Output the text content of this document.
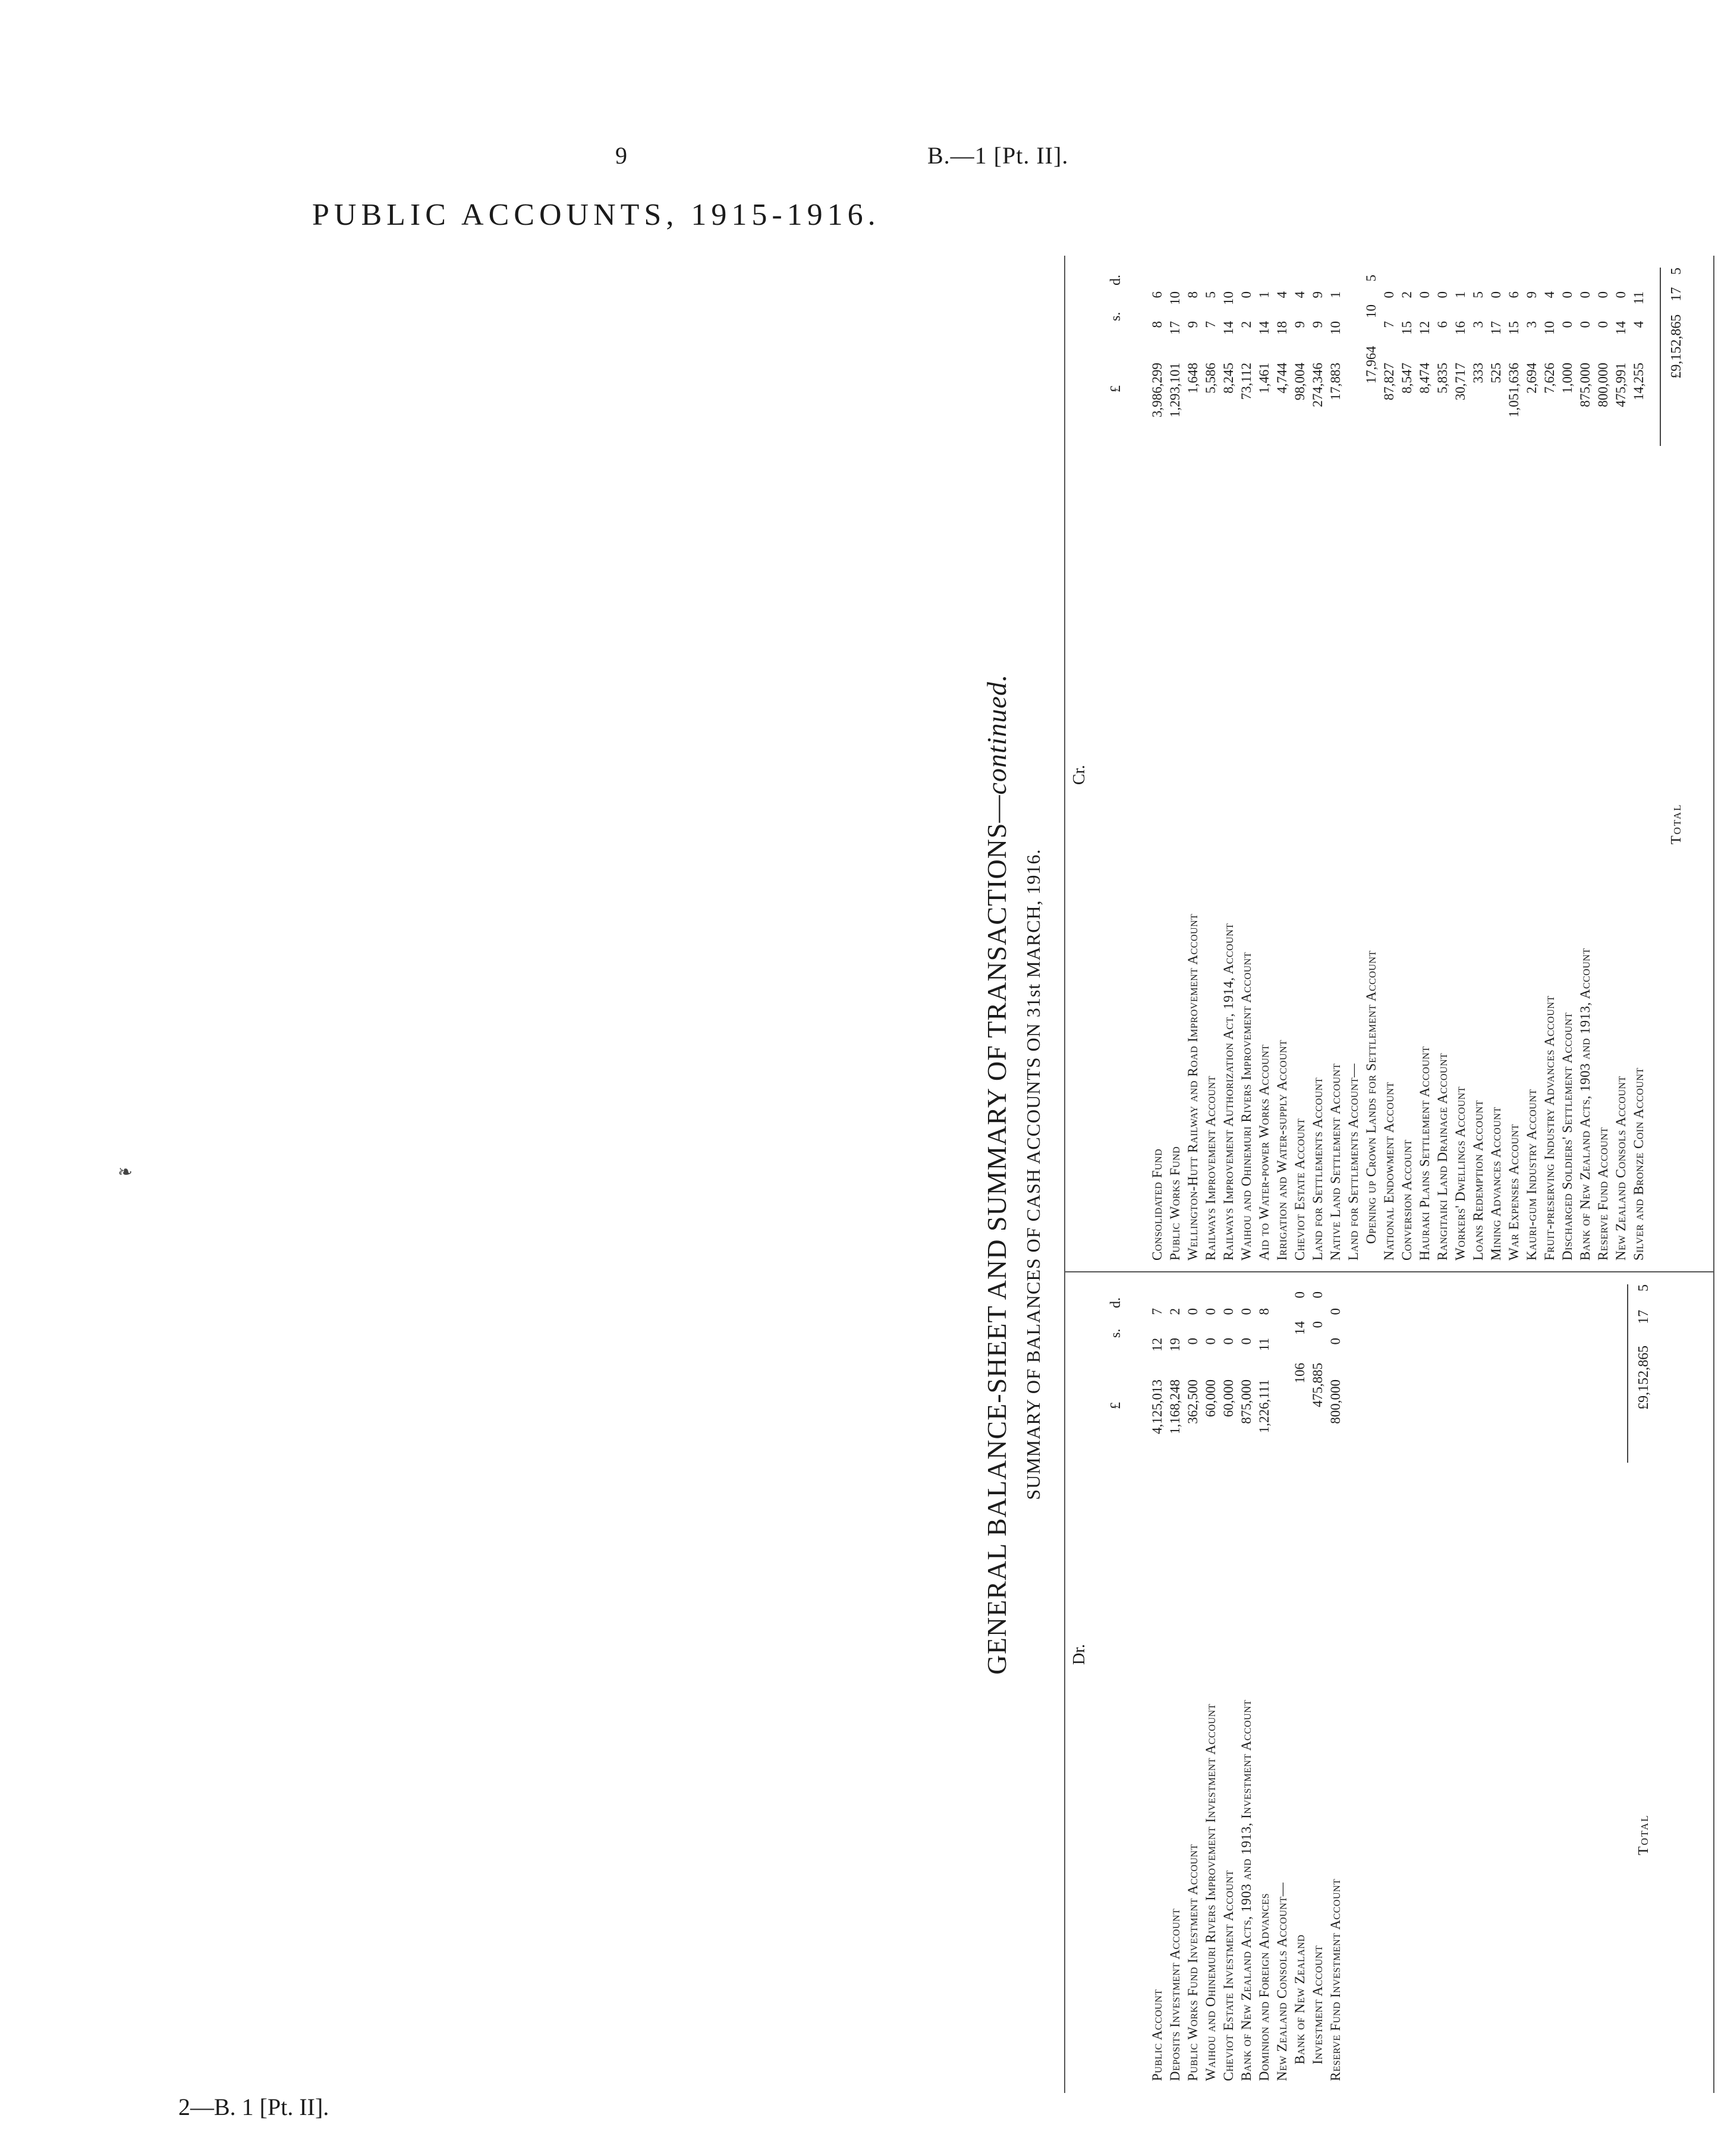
9	B.—1 [Pt. II].
PUBLIC ACCOUNTS, 1915-1916.
❧	GENERAL BALANCE-SHEET AND SUMMARY OF TRANSACTIONS—continued.
SUMMARY OF BALANCES OF CASH ACCOUNTS ON 31st MARCH, 1916.
Dr.
£
s.
d.
Public Account
4,125,013
12
7
Deposits Investment Account
1,168,248
19
2
Public Works Fund Investment Account
362,500
0
0
Waihou and Ohinemuri Rivers Improvement Investment Account
60,000
0
0
Cheviot Estate Investment Account
60,000
0
0
Bank of New Zealand Acts, 1903 and 1913, Investment Account
875,000
0
0
Dominion and Foreign Advances
1,226,111
11
8
New Zealand Consols Account— Bank of New Zealand
106
14
0
Investment Account
475,885
0
0
Reserve Fund Investment Account
800,000
0
0
Total
£9,152,865
17
5
Cr.
£
s.
d.
Consolidated Fund
3,986,299
8
6
Public Works Fund
1,293,101
17
10
Wellington-Hutt Railway and Road Improvement Account
1,648
9
8
Railways Improvement Account
5,586
7
5
Railways Improvement Authorization Act, 1914, Account
8,245
14
10
Waihou and Ohinemuri Rivers Improvement Account
73,112
2
0
Aid to Water-power Works Account
1,461
14
1
Irrigation and Water-supply Account
4,744
18
4
Cheviot Estate Account
98,004
9
4
Land for Settlements Account
274,346
9
9
Native Land Settlement Account
17,883
10
1
Land for Settlements Account— Opening up Crown Lands for Settlement Account
17,964
10
5
National Endowment Account
87,827
7
0
Conversion Account
8,547
15
2
Hauraki Plains Settlement Account
8,474
12
0
Rangitaiki Land Drainage Account
5,835
6
0
Workers' Dwellings Account
30,717
16
1
Loans Redemption Account
333
3
5
Mining Advances Account
525
17
0
War Expenses Account
1,051,636
15
6
Kauri-gum Industry Account
2,694
3
9
Fruit-preserving Industry Advances Account
7,626
10
4
Discharged Soldiers' Settlement Account
1,000
0
0
Bank of New Zealand Acts, 1903 and 1913, Account
875,000
0
0
Reserve Fund Account
800,000
0
0
New Zealand Consols Account
475,991
14
0
Silver and Bronze Coin Account
14,255
4
11
Total
£9,152,865
17
5
2—B. 1 [Pt. II].
